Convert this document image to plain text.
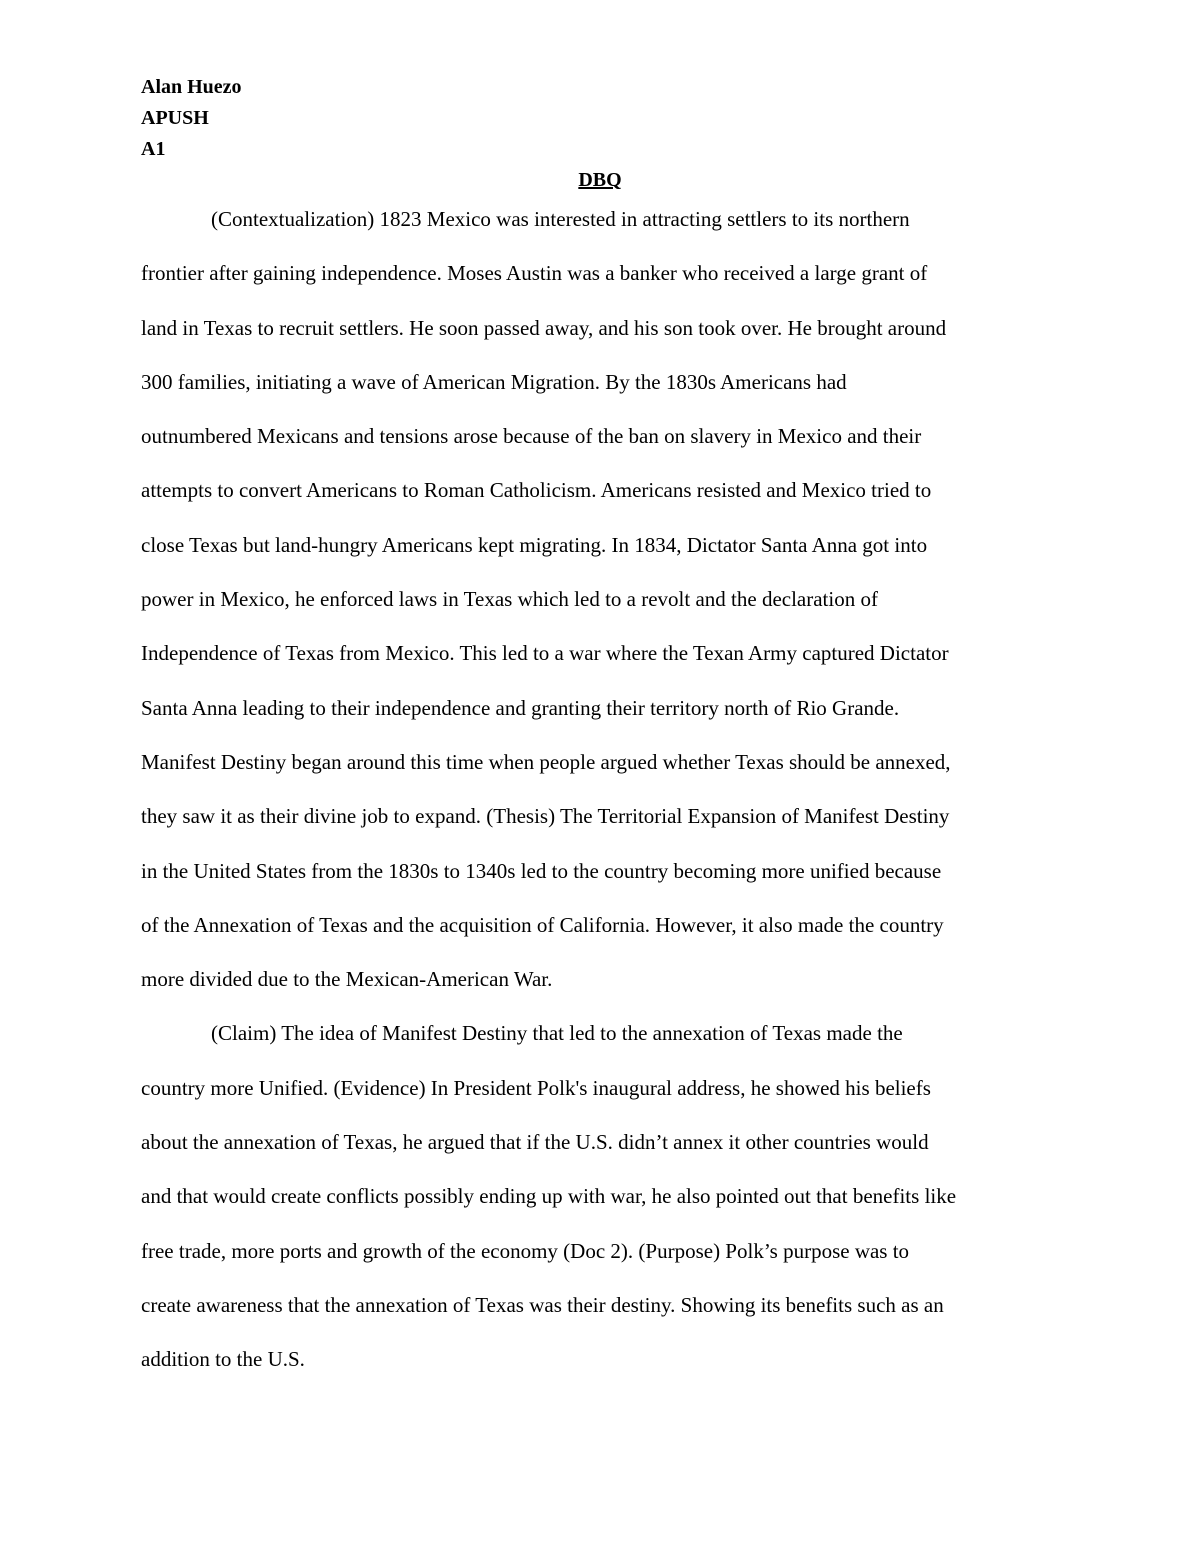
Alan Huezo
APUSH
A1
DBQ

(Contextualization) 1823 Mexico was interested in attracting settlers to its northern
frontier after gaining independence. Moses Austin was a banker who received a large grant of
land in Texas to recruit settlers. He soon passed away, and his son took over. He brought around
300 families, initiating a wave of American Migration. By the 1830s Americans had
outnumbered Mexicans and tensions arose because of the ban on slavery in Mexico and their
attempts to convert Americans to Roman Catholicism. Americans resisted and Mexico tried to
close Texas but land-hungry Americans kept migrating. In 1834, Dictator Santa Anna got into
power in Mexico, he enforced laws in Texas which led to a revolt and the declaration of
Independence of Texas from Mexico. This led to a war where the Texan Army captured Dictator
Santa Anna leading to their independence and granting their territory north of Rio Grande.
Manifest Destiny began around this time when people argued whether Texas should be annexed,
they saw it as their divine job to expand. (Thesis) The Territorial Expansion of Manifest Destiny
in the United States from the 1830s to 1340s led to the country becoming more unified because
of the Annexation of Texas and the acquisition of California. However, it also made the country
more divided due to the Mexican-American War.

(Claim) The idea of Manifest Destiny that led to the annexation of Texas made the
country more Unified. (Evidence) In President Polk's inaugural address, he showed his beliefs
about the annexation of Texas, he argued that if the U.S. didn’t annex it other countries would
and that would create conflicts possibly ending up with war, he also pointed out that benefits like
free trade, more ports and growth of the economy (Doc 2). (Purpose) Polk’s purpose was to
create awareness that the annexation of Texas was their destiny. Showing its benefits such as an
addition to the U.S.
